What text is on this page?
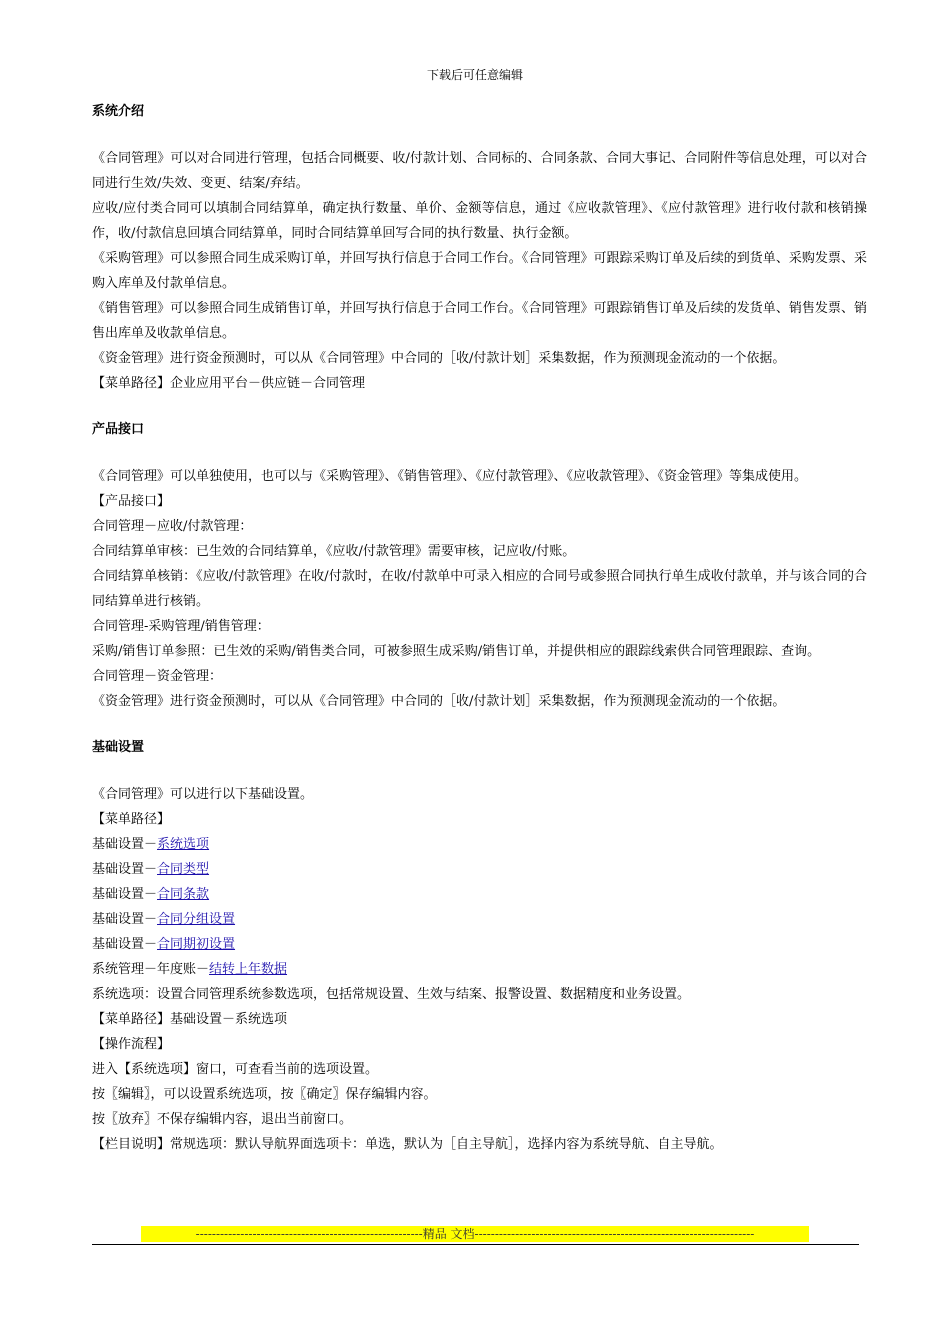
下载后可任意编辑
系统介绍

《合同管理》可以对合同进行管理，包括合同概要、收/付款计划、合同标的、合同条款、合同大事记、合同附件等信息处理，可以对合同进行生效/失效、变更、结案/弃结。

应收/应付类合同可以填制合同结算单，确定执行数量、单价、金额等信息，通过《应收款管理》、《应付款管理》进行收付款和核销操作，收/付款信息回填合同结算单，同时合同结算单回写合同的执行数量、执行金额。

《采购管理》可以参照合同生成采购订单，并回写执行信息于合同工作台。《合同管理》可跟踪采购订单及后续的到货单、采购发票、采购入库单及付款单信息。

《销售管理》可以参照合同生成销售订单，并回写执行信息于合同工作台。《合同管理》可跟踪销售订单及后续的发货单、销售发票、销售出库单及收款单信息。

《资金管理》进行资金预测时，可以从《合同管理》中合同的［收/付款计划］采集数据，作为预测现金流动的一个依据。

【菜单路径】企业应用平台－供应链－合同管理

产品接口

《合同管理》可以单独使用，也可以与《采购管理》、《销售管理》、《应付款管理》、《应收款管理》、《资金管理》等集成使用。

【产品接口】

合同管理－应收/付款管理：

合同结算单审核：已生效的合同结算单，《应收/付款管理》需要审核，记应收/付账。

合同结算单核销：《应收/付款管理》在收/付款时，在收/付款单中可录入相应的合同号或参照合同执行单生成收付款单，并与该合同的合同结算单进行核销。

合同管理-采购管理/销售管理：

采购/销售订单参照：已生效的采购/销售类合同，可被参照生成采购/销售订单，并提供相应的跟踪线索供合同管理跟踪、查询。

合同管理－资金管理：

《资金管理》进行资金预测时，可以从《合同管理》中合同的［收/付款计划］采集数据，作为预测现金流动的一个依据。

基础设置

《合同管理》可以进行以下基础设置。

【菜单路径】

基础设置－系统选项

基础设置－合同类型

基础设置－合同条款

基础设置－合同分组设置

基础设置－合同期初设置

系统管理－年度账－结转上年数据

系统选项：设置合同管理系统参数选项，包括常规设置、生效与结案、报警设置、数据精度和业务设置。

【菜单路径】基础设置－系统选项

【操作流程】

进入【系统选项】窗口，可查看当前的选项设置。

按〖编辑〗，可以设置系统选项，按〖确定〗保存编辑内容。

按〖放弃〗不保存编辑内容，退出当前窗口。

【栏目说明】常规选项：默认导航界面选项卡：单选，默认为［自主导航］，选择内容为系统导航、自主导航。

--------------------------------------------------------精品 文档---------------------------------------------------------------------
